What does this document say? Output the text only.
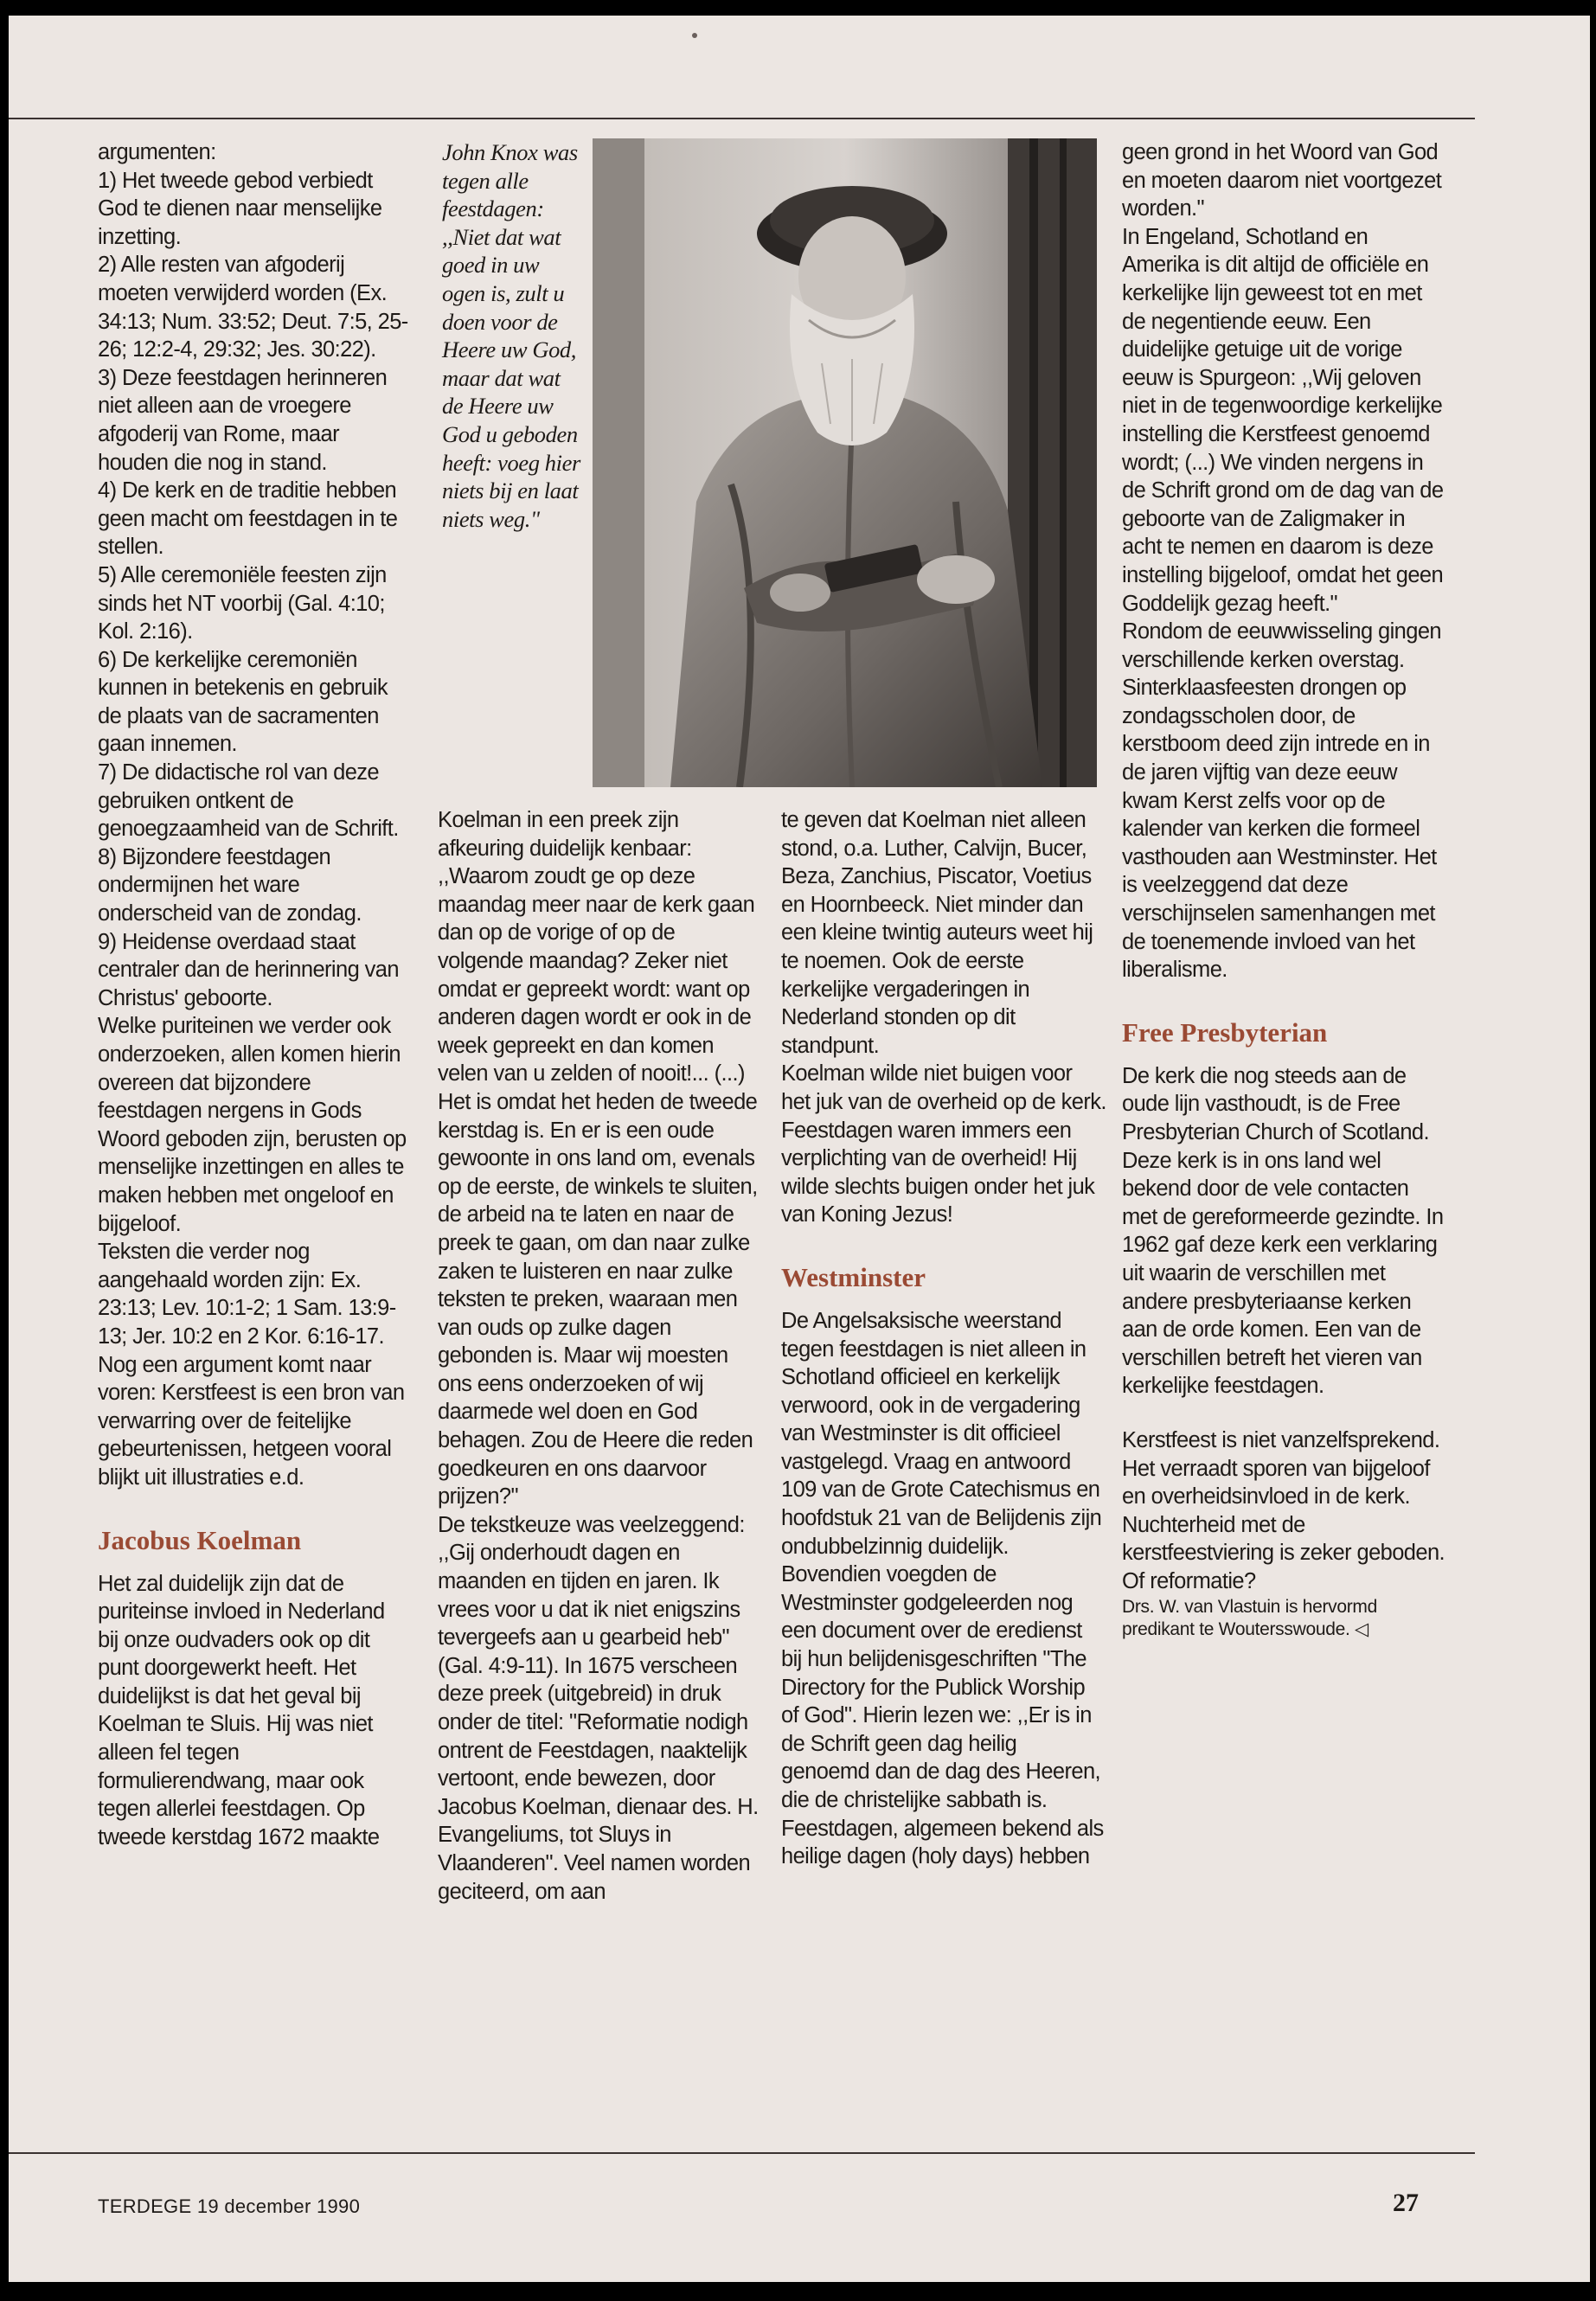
argumenten:

1) Het tweede gebod verbiedt God te dienen naar menselijke inzetting.

2) Alle resten van afgoderij moeten verwijderd worden (Ex. 34:13; Num. 33:52; Deut. 7:5, 25-26; 12:2-4, 29:32; Jes. 30:22).

3) Deze feestdagen herinneren niet alleen aan de vroegere afgoderij van Rome, maar houden die nog in stand.

4) De kerk en de traditie hebben geen macht om feestdagen in te stellen.

5) Alle ceremoniële feesten zijn sinds het NT voorbij (Gal. 4:10; Kol. 2:16).

6) De kerkelijke ceremoniën kunnen in betekenis en gebruik de plaats van de sacramenten gaan innemen.

7) De didactische rol van deze gebruiken ontkent de genoegzaamheid van de Schrift.

8) Bijzondere feestdagen ondermijnen het ware onderscheid van de zondag.

9) Heidense overdaad staat centraler dan de herinnering van Christus' geboorte.

Welke puriteinen we verder ook onderzoeken, allen komen hierin overeen dat bijzondere feestdagen nergens in Gods Woord geboden zijn, berusten op menselijke inzettingen en alles te maken hebben met ongeloof en bijgeloof.

Teksten die verder nog aangehaald worden zijn: Ex. 23:13; Lev. 10:1-2; 1 Sam. 13:9-13; Jer. 10:2 en 2 Kor. 6:16-17. Nog een argument komt naar voren: Kerstfeest is een bron van verwarring over de feitelijke gebeurtenissen, hetgeen vooral blijkt uit illustraties e.d.

Jacobus Koelman

Het zal duidelijk zijn dat de puriteinse invloed in Nederland bij onze oudvaders ook op dit punt doorgewerkt heeft. Het duidelijkst is dat het geval bij Koelman te Sluis. Hij was niet alleen fel tegen formulierendwang, maar ook tegen allerlei feestdagen. Op tweede kerstdag 1672 maakte

John Knox was tegen alle feestdagen: ,,Niet dat wat goed in uw ogen is, zult u doen voor de Heere uw God, maar dat wat de Heere uw God u geboden heeft: voeg hier niets bij en laat niets weg."

Koelman in een preek zijn afkeuring duidelijk kenbaar: ,,Waarom zoudt ge op deze maandag meer naar de kerk gaan dan op de vorige of op de volgende maandag? Zeker niet omdat er gepreekt wordt: want op anderen dagen wordt er ook in de week gepreekt en dan komen velen van u zelden of nooit!... (...) Het is omdat het heden de tweede kerstdag is. En er is een oude gewoonte in ons land om, evenals op de eerste, de winkels te sluiten, de arbeid na te laten en naar de preek te gaan, om dan naar zulke zaken te luisteren en naar zulke teksten te preken, waaraan men van ouds op zulke dagen gebonden is. Maar wij moesten ons eens onderzoeken of wij daarmede wel doen en God behagen. Zou de Heere die reden goedkeuren en ons daarvoor prijzen?"

De tekstkeuze was veelzeggend: ,,Gij onderhoudt dagen en maanden en tijden en jaren. Ik vrees voor u dat ik niet enigszins tevergeefs aan u gearbeid heb" (Gal. 4:9-11). In 1675 verscheen deze preek (uitgebreid) in druk onder de titel: "Reformatie nodigh ontrent de Feestdagen, naaktelijk vertoont, ende bewezen, door Jacobus Koelman, dienaar des. H. Evangeliums, tot Sluys in Vlaanderen". Veel namen worden geciteerd, om aan

te geven dat Koelman niet alleen stond, o.a. Luther, Calvijn, Bucer, Beza, Zanchius, Piscator, Voetius en Hoornbeeck. Niet minder dan een kleine twintig auteurs weet hij te noemen. Ook de eerste kerkelijke vergaderingen in Nederland stonden op dit standpunt.

Koelman wilde niet buigen voor het juk van de overheid op de kerk. Feestdagen waren immers een verplichting van de overheid! Hij wilde slechts buigen onder het juk van Koning Jezus!

Westminster

De Angelsaksische weerstand tegen feestdagen is niet alleen in Schotland officieel en kerkelijk verwoord, ook in de vergadering van Westminster is dit officieel vastgelegd. Vraag en antwoord 109 van de Grote Catechismus en hoofdstuk 21 van de Belijdenis zijn ondubbelzinnig duidelijk. Bovendien voegden de Westminster godgeleerden nog een document over de eredienst bij hun belijdenisgeschriften "The Directory for the Publick Worship of God". Hierin lezen we: ,,Er is in de Schrift geen dag heilig genoemd dan de dag des Heeren, die de christelijke sabbath is. Feestdagen, algemeen bekend als heilige dagen (holy days) hebben

geen grond in het Woord van God en moeten daarom niet voortgezet worden."

In Engeland, Schotland en Amerika is dit altijd de officiële en kerkelijke lijn geweest tot en met de negentiende eeuw. Een duidelijke getuige uit de vorige eeuw is Spurgeon: ,,Wij geloven niet in de tegenwoordige kerkelijke instelling die Kerstfeest genoemd wordt; (...) We vinden nergens in de Schrift grond om de dag van de geboorte van de Zaligmaker in acht te nemen en daarom is deze instelling bijgeloof, omdat het geen Goddelijk gezag heeft."

Rondom de eeuwwisseling gingen verschillende kerken overstag. Sinterklaasfeesten drongen op zondagsscholen door, de kerstboom deed zijn intrede en in de jaren vijftig van deze eeuw kwam Kerst zelfs voor op de kalender van kerken die formeel vasthouden aan Westminster. Het is veelzeggend dat deze verschijnselen samenhangen met de toenemende invloed van het liberalisme.

Free Presbyterian

De kerk die nog steeds aan de oude lijn vasthoudt, is de Free Presbyterian Church of Scotland. Deze kerk is in ons land wel bekend door de vele contacten met de gereformeerde gezindte. In 1962 gaf deze kerk een verklaring uit waarin de verschillen met andere presbyteriaanse kerken aan de orde komen. Een van de verschillen betreft het vieren van kerkelijke feestdagen.

Kerstfeest is niet vanzelfsprekend. Het verraadt sporen van bijgeloof en overheidsinvloed in de kerk. Nuchterheid met de kerstfeestviering is zeker geboden. Of reformatie?

Drs. W. van Vlastuin is hervormd predikant te Woutersswoude. ◁

TERDEGE 19 december 1990	27
